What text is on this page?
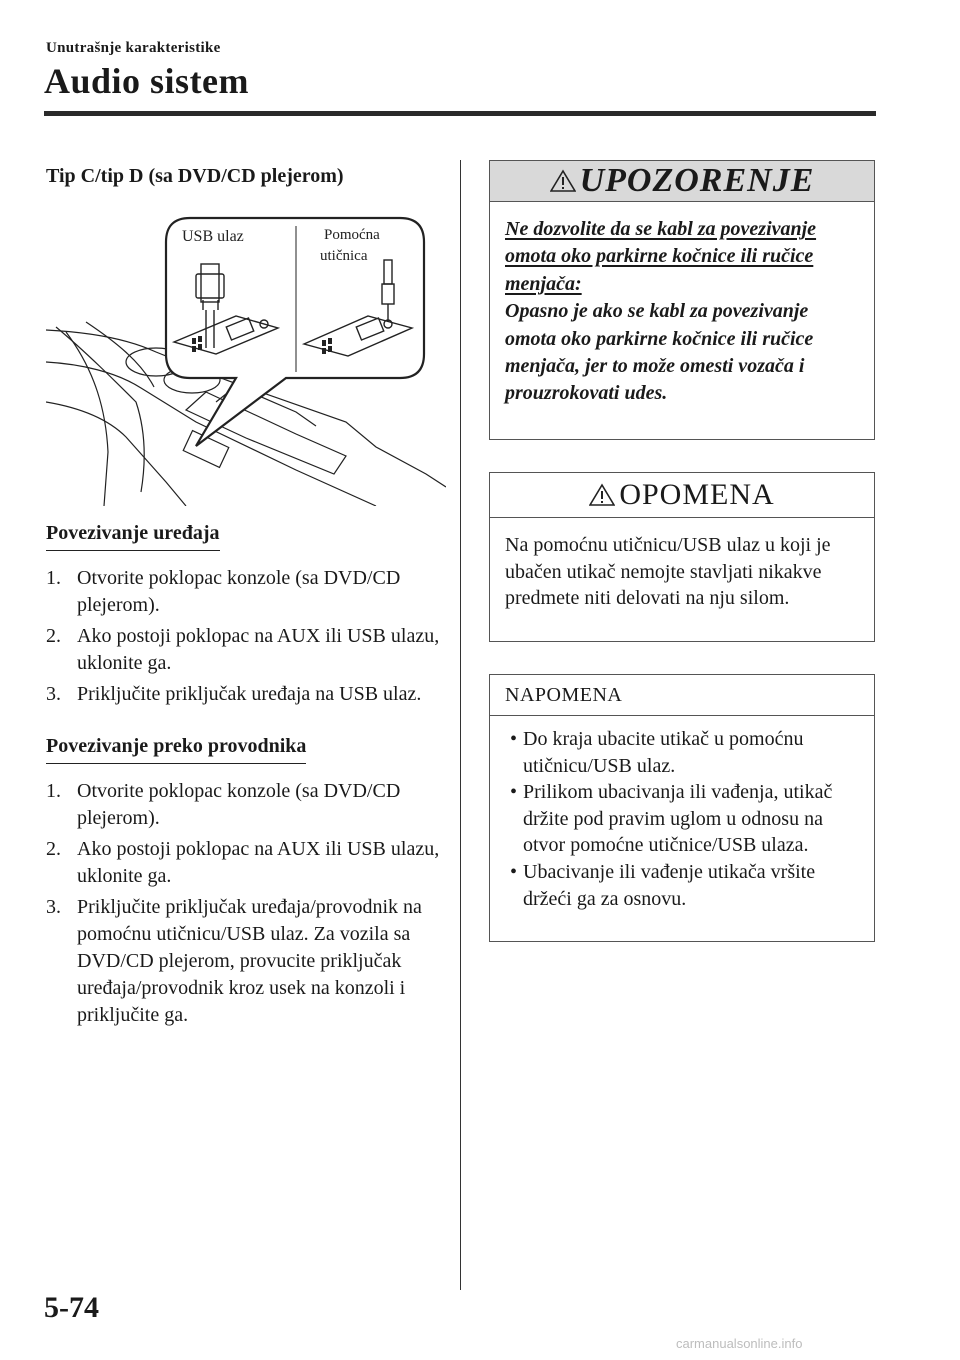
Unutrašnje karakteristike
Audio sistem
Tip C/tip D (sa DVD/CD plejerom)
USB ulaz	Pomoćna
utičnica
Povezivanje uređaja
1. Otvorite poklopac konzole (sa DVD/CD plejerom).
2. Ako postoji poklopac na AUX ili USB ulazu, uklonite ga.
3. Priključite priključak uređaja na USB ulaz.
Povezivanje preko provodnika
1. Otvorite poklopac konzole (sa DVD/CD plejerom).
2. Ako postoji poklopac na AUX ili USB ulazu, uklonite ga.
3. Priključite priključak uređaja/provodnik na pomoćnu utičnicu/USB ulaz. Za vozila sa DVD/CD plejerom, provucite priključak uređaja/provodnik kroz usek na konzoli i priključite ga.
UPOZORENJE
Ne dozvolite da se kabl za povezivanje omota oko parkirne kočnice ili ručice menjača:
Opasno je ako se kabl za povezivanje omota oko parkirne kočnice ili ručice menjača, jer to može omesti vozača i prouzrokovati udes.
OPOMENA
Na pomoćnu utičnicu/USB ulaz u koji je ubačen utikač nemojte stavljati nikakve predmete niti delovati na nju silom.
NAPOMENA
• Do kraja ubacite utikač u pomoćnu utičnicu/USB ulaz.
• Prilikom ubacivanja ili vađenja, utikač držite pod pravim uglom u odnosu na otvor pomoćne utičnice/USB ulaza.
• Ubacivanje ili vađenje utikača vršite držeći ga za osnovu.
5-74
carmanualsonline.info
